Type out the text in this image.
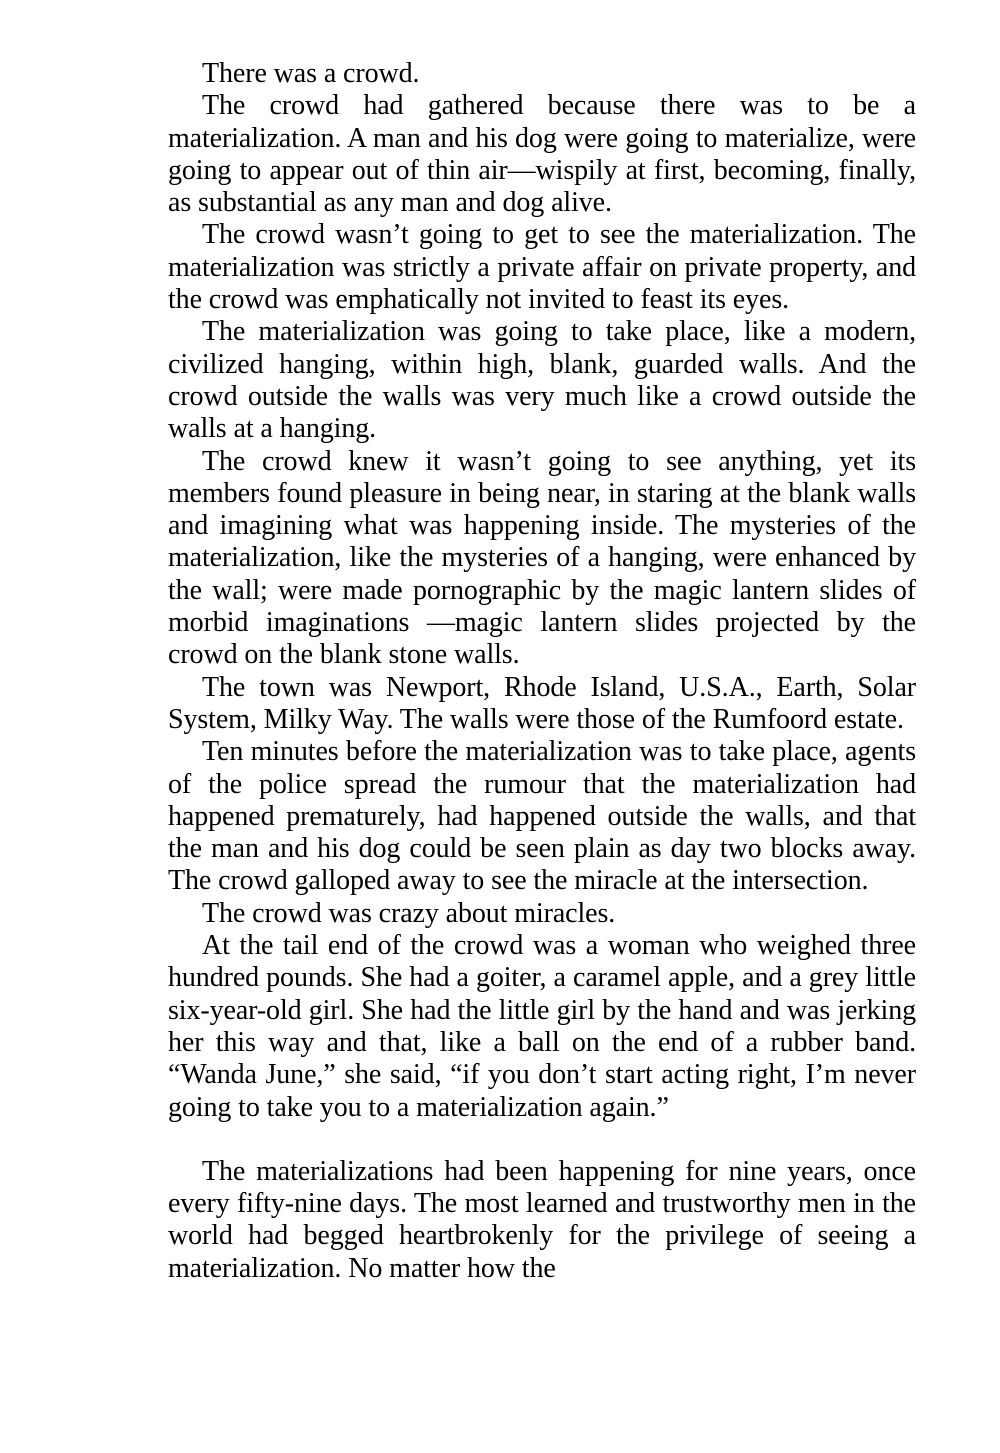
There was a crowd.

The crowd had gathered because there was to be a materialization. A man and his dog were going to materialize, were going to appear out of thin air—wispily at first, becoming, finally, as substantial as any man and dog alive.

The crowd wasn’t going to get to see the materialization. The materialization was strictly a private affair on private property, and the crowd was emphatically not invited to feast its eyes.

The materialization was going to take place, like a modern, civilized hanging, within high, blank, guarded walls. And the crowd outside the walls was very much like a crowd outside the walls at a hanging.

The crowd knew it wasn’t going to see anything, yet its members found pleasure in being near, in staring at the blank walls and imagining what was happening inside. The mysteries of the materialization, like the mysteries of a hanging, were enhanced by the wall; were made pornographic by the magic lantern slides of morbid imaginations —magic lantern slides projected by the crowd on the blank stone walls.

The town was Newport, Rhode Island, U.S.A., Earth, Solar System, Milky Way. The walls were those of the Rumfoord estate.

Ten minutes before the materialization was to take place, agents of the police spread the rumour that the materialization had happened prematurely, had happened outside the walls, and that the man and his dog could be seen plain as day two blocks away. The crowd galloped away to see the miracle at the intersection.

The crowd was crazy about miracles.

At the tail end of the crowd was a woman who weighed three hundred pounds. She had a goiter, a caramel apple, and a grey little six-year-old girl. She had the little girl by the hand and was jerking her this way and that, like a ball on the end of a rubber band. “Wanda June,” she said, “if you don’t start acting right, I’m never going to take you to a materialization again.”

The materializations had been happening for nine years, once every fifty-nine days. The most learned and trustworthy men in the world had begged heartbrokenly for the privilege of seeing a materialization. No matter how the
